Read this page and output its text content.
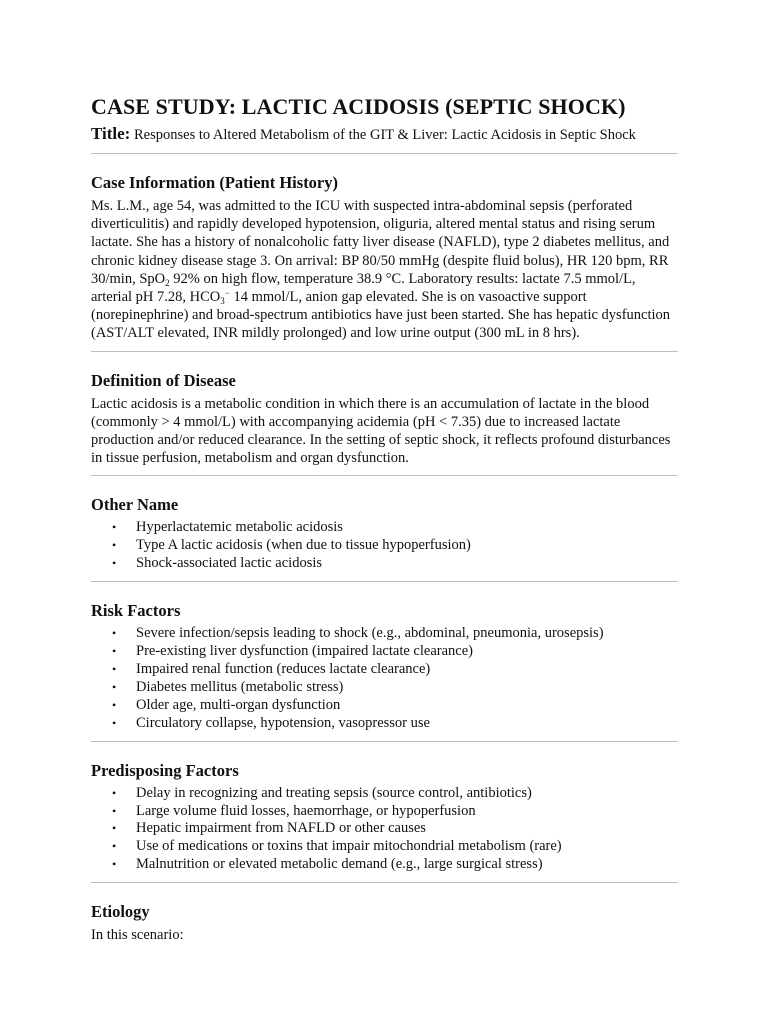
CASE STUDY: LACTIC ACIDOSIS (SEPTIC SHOCK)

Title: Responses to Altered Metabolism of the GIT & Liver: Lactic Acidosis in Septic Shock

Case Information (Patient History)

Ms. L.M., age 54, was admitted to the ICU with suspected intra-abdominal sepsis (perforated diverticulitis) and rapidly developed hypotension, oliguria, altered mental status and rising serum lactate. She has a history of nonalcoholic fatty liver disease (NAFLD), type 2 diabetes mellitus, and chronic kidney disease stage 3. On arrival: BP 80/50 mmHg (despite fluid bolus), HR 120 bpm, RR 30/min, SpO$_2$ 92% on high flow, temperature 38.9 °C. Laboratory results: lactate 7.5 mmol/L, arterial pH 7.28, $HCO_3^-$ 14 mmol/L, anion gap elevated. She is on vasoactive support (norepinephrine) and broad-spectrum antibiotics have just been started. She has hepatic dysfunction (AST/ALT elevated, INR mildly prolonged) and low urine output (300 mL in 8 hrs).

Definition of Disease

Lactic acidosis is a metabolic condition in which there is an accumulation of lactate in the blood (commonly > 4 mmol/L) with accompanying acidemia (pH < 7.35) due to increased lactate production and/or reduced clearance. In the setting of septic shock, it reflects profound disturbances in tissue perfusion, metabolism and organ dysfunction.

Other Name
• Hyperlactatemic metabolic acidosis
• Type A lactic acidosis (when due to tissue hypoperfusion)
• Shock-associated lactic acidosis
Risk Factors
• Severe infection/sepsis leading to shock (e.g., abdominal, pneumonia, urosepsis)
• Pre-existing liver dysfunction (impaired lactate clearance)
• Impaired renal function (reduces lactate clearance)
• Diabetes mellitus (metabolic stress)
• Older age, multi-organ dysfunction
• Circulatory collapse, hypotension, vasopressor use
Predisposing Factors
• Delay in recognizing and treating sepsis (source control, antibiotics)
• Large volume fluid losses, haemorrhage, or hypoperfusion
• Hepatic impairment from NAFLD or other causes
• Use of medications or toxins that impair mitochondrial metabolism (rare)
• Malnutrition or elevated metabolic demand (e.g., large surgical stress)
Etiology

In this scenario:
